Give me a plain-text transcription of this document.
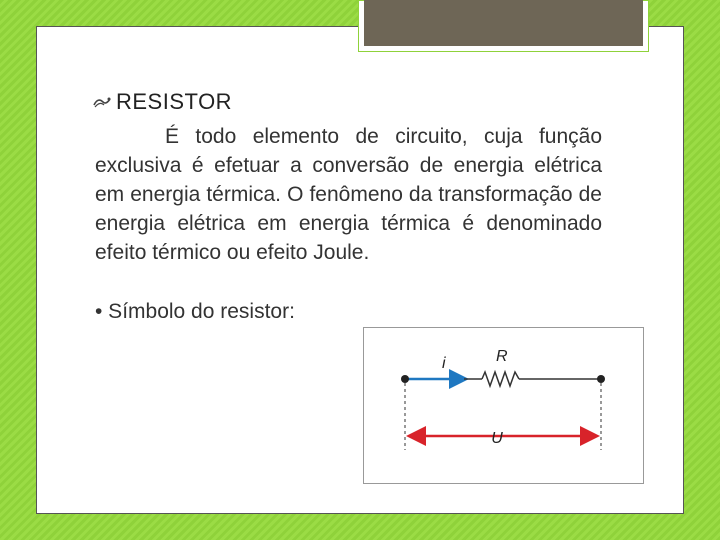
RESISTOR

É todo elemento de circuito, cuja função exclusiva é efetuar a conversão de energia elétrica em energia térmica. O fenômeno da transformação de energia elétrica em energia térmica é denominado efeito térmico ou efeito Joule.

• Símbolo do resistor:
i	R
U
